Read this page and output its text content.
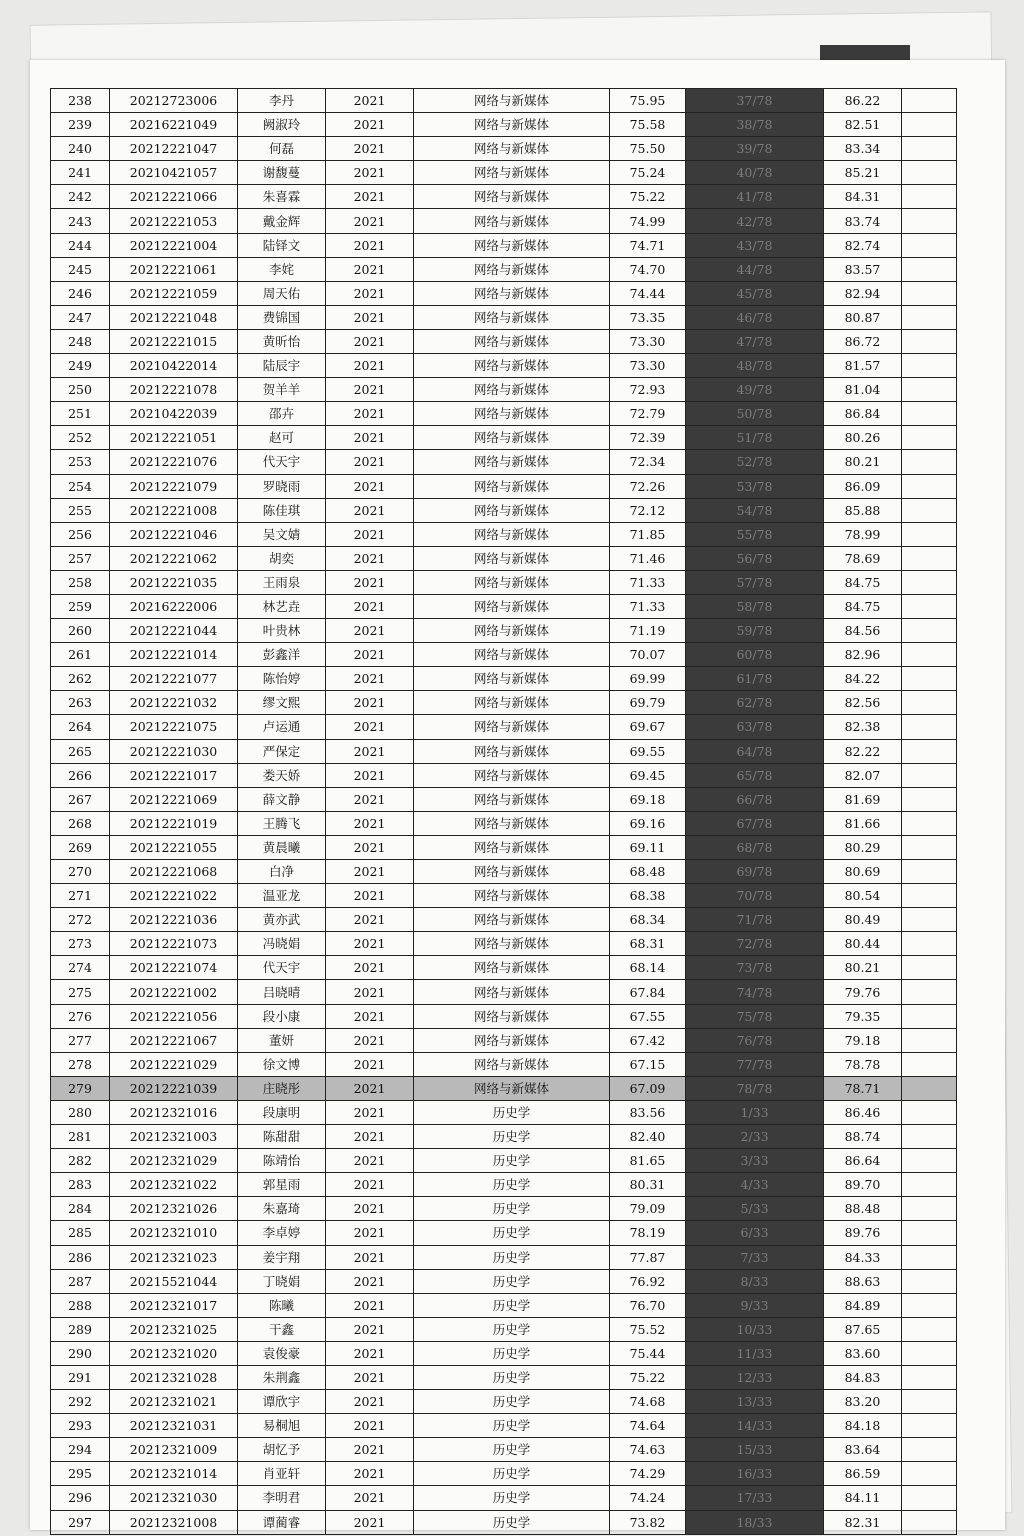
238	20212723006	李丹	2021	网络与新媒体	75.95	37/78	86.22	
239	20216221049	阙淑玲	2021	网络与新媒体	75.58	38/78	82.51	
240	20212221047	何磊	2021	网络与新媒体	75.50	39/78	83.34	
241	20210421057	谢馥蔓	2021	网络与新媒体	75.24	40/78	85.21	
242	20212221066	朱喜霖	2021	网络与新媒体	75.22	41/78	84.31	
243	20212221053	戴金辉	2021	网络与新媒体	74.99	42/78	83.74	
244	20212221004	陆铎文	2021	网络与新媒体	74.71	43/78	82.74	
245	20212221061	李姹	2021	网络与新媒体	74.70	44/78	83.57	
246	20212221059	周天佑	2021	网络与新媒体	74.44	45/78	82.94	
247	20212221048	费锦国	2021	网络与新媒体	73.35	46/78	80.87	
248	20212221015	黄昕怡	2021	网络与新媒体	73.30	47/78	86.72	
249	20210422014	陆辰宇	2021	网络与新媒体	73.30	48/78	81.57	
250	20212221078	贺羊羊	2021	网络与新媒体	72.93	49/78	81.04	
251	20210422039	邵卉	2021	网络与新媒体	72.79	50/78	86.84	
252	20212221051	赵可	2021	网络与新媒体	72.39	51/78	80.26	
253	20212221076	代天宇	2021	网络与新媒体	72.34	52/78	80.21	
254	20212221079	罗晓雨	2021	网络与新媒体	72.26	53/78	86.09	
255	20212221008	陈佳琪	2021	网络与新媒体	72.12	54/78	85.88	
256	20212221046	吴文婧	2021	网络与新媒体	71.85	55/78	78.99	
257	20212221062	胡奕	2021	网络与新媒体	71.46	56/78	78.69	
258	20212221035	王雨泉	2021	网络与新媒体	71.33	57/78	84.75	
259	20216222006	林艺垚	2021	网络与新媒体	71.33	58/78	84.75	
260	20212221044	叶贵林	2021	网络与新媒体	71.19	59/78	84.56	
261	20212221014	彭鑫洋	2021	网络与新媒体	70.07	60/78	82.96	
262	20212221077	陈怡婷	2021	网络与新媒体	69.99	61/78	84.22	
263	20212221032	缪文熙	2021	网络与新媒体	69.79	62/78	82.56	
264	20212221075	卢运通	2021	网络与新媒体	69.67	63/78	82.38	
265	20212221030	严保定	2021	网络与新媒体	69.55	64/78	82.22	
266	20212221017	娄天娇	2021	网络与新媒体	69.45	65/78	82.07	
267	20212221069	薛文静	2021	网络与新媒体	69.18	66/78	81.69	
268	20212221019	王腾飞	2021	网络与新媒体	69.16	67/78	81.66	
269	20212221055	黄晨曦	2021	网络与新媒体	69.11	68/78	80.29	
270	20212221068	白净	2021	网络与新媒体	68.48	69/78	80.69	
271	20212221022	温亚龙	2021	网络与新媒体	68.38	70/78	80.54	
272	20212221036	黄亦武	2021	网络与新媒体	68.34	71/78	80.49	
273	20212221073	冯晓娟	2021	网络与新媒体	68.31	72/78	80.44	
274	20212221074	代天宇	2021	网络与新媒体	68.14	73/78	80.21	
275	20212221002	吕晓晴	2021	网络与新媒体	67.84	74/78	79.76	
276	20212221056	段小康	2021	网络与新媒体	67.55	75/78	79.35	
277	20212221067	董妍	2021	网络与新媒体	67.42	76/78	79.18	
278	20212221029	徐文博	2021	网络与新媒体	67.15	77/78	78.78	
279	20212221039	庄晓彤	2021	网络与新媒体	67.09	78/78	78.71	
280	20212321016	段康明	2021	历史学	83.56	1/33	86.46	
281	20212321003	陈甜甜	2021	历史学	82.40	2/33	88.74	
282	20212321029	陈靖怡	2021	历史学	81.65	3/33	86.64	
283	20212321022	郭星雨	2021	历史学	80.31	4/33	89.70	
284	20212321026	朱嘉琦	2021	历史学	79.09	5/33	88.48	
285	20212321010	李卓婷	2021	历史学	78.19	6/33	89.76	
286	20212321023	姜宇翔	2021	历史学	77.87	7/33	84.33	
287	20215521044	丁晓娟	2021	历史学	76.92	8/33	88.63	
288	20212321017	陈曦	2021	历史学	76.70	9/33	84.89	
289	20212321025	干鑫	2021	历史学	75.52	10/33	87.65	
290	20212321020	袁俊豪	2021	历史学	75.44	11/33	83.60	
291	20212321028	朱荆鑫	2021	历史学	75.22	12/33	84.83	
292	20212321021	谭欣宇	2021	历史学	74.68	13/33	83.20	
293	20212321031	易桐旭	2021	历史学	74.64	14/33	84.18	
294	20212321009	胡忆予	2021	历史学	74.63	15/33	83.64	
295	20212321014	肖亚轩	2021	历史学	74.29	16/33	86.59	
296	20212321030	李明君	2021	历史学	74.24	17/33	84.11	
297	20212321008	谭蔺睿	2021	历史学	73.82	18/33	82.31	
